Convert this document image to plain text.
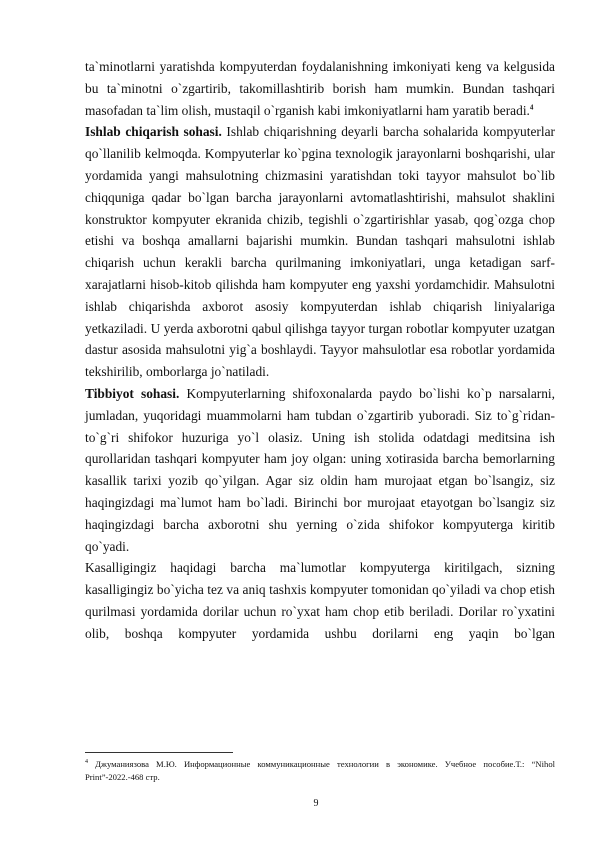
ta`minotlarni yaratishda kompyuterdan foydalanishning imkoniyati keng va kelgusida bu ta`minotni o`zgartirib, takomillashtirib borish ham mumkin. Bundan tashqari masofadan ta`lim olish, mustaqil o`rganish kabi imkoniyatlarni ham yaratib beradi.$^4$

Ishlab chiqarish sohasi. Ishlab chiqarishning deyarli barcha sohalarida kompyuterlar qo`llanilib kelmoqda. Kompyuterlar ko`pgina texnologik jarayonlarni boshqarishi, ular yordamida yangi mahsulotning chizmasini yaratishdan toki tayyor mahsulot bo`lib chiqquniga qadar bo`lgan barcha jarayonlarni avtomatlashtirishi, mahsulot shaklini konstruktor kompyuter ekranida chizib, tegishli o`zgartirishlar yasab, qog`ozga chop etishi va boshqa amallarni bajarishi mumkin. Bundan tashqari mahsulotni ishlab chiqarish uchun kerakli barcha qurilmaning imkoniyatlari, unga ketadigan sarf-xarajatlarni hisob-kitob qilishda ham kompyuter eng yaxshi yordamchidir. Mahsulotni ishlab chiqarishda axborot asosiy kompyuterdan ishlab chiqarish liniyalariga yetkaziladi. U yerda axborotni qabul qilishga tayyor turgan robotlar kompyuter uzatgan dastur asosida mahsulotni yig`a boshlaydi. Tayyor mahsulotlar esa robotlar yordamida tekshirilib, omborlarga jo`natiladi.

Tibbiyot sohasi. Kompyuterlarning shifoxonalarda paydo bo`lishi ko`p narsalarni, jumladan, yuqoridagi muammolarni ham tubdan o`zgartirib yuboradi. Siz to`g`ridan-to`g`ri shifokor huzuriga yo`l olasiz. Uning ish stolida odatdagi meditsina ish qurollaridan tashqari kompyuter ham joy olgan: uning xotirasida barcha bemorlarning kasallik tarixi yozib qo`yilgan. Agar siz oldin ham murojaat etgan bo`lsangiz, siz haqingizdagi ma`lumot ham bo`ladi. Birinchi bor murojaat etayotgan bo`lsangiz siz haqingizdagi barcha axborotni shu yerning o`zida shifokor kompyuterga kiritib qo`yadi.

Kasalligingiz haqidagi barcha ma`lumotlar kompyuterga kiritilgach, sizning kasalligingiz bo`yicha tez va aniq tashxis kompyuter tomonidan qo`yiladi va chop etish qurilmasi yordamida dorilar uchun ro`yxat ham chop etib beriladi. Dorilar ro`yxatini olib, boshqa kompyuter yordamida ushbu dorilarni eng yaqin bo`lgan

$^4$ Джуманиязова М.Ю. Информационные коммуникационные технологии в экономике. Учебное пособие.Т.: “Nihol Print”-2022.-468 стр.
9
